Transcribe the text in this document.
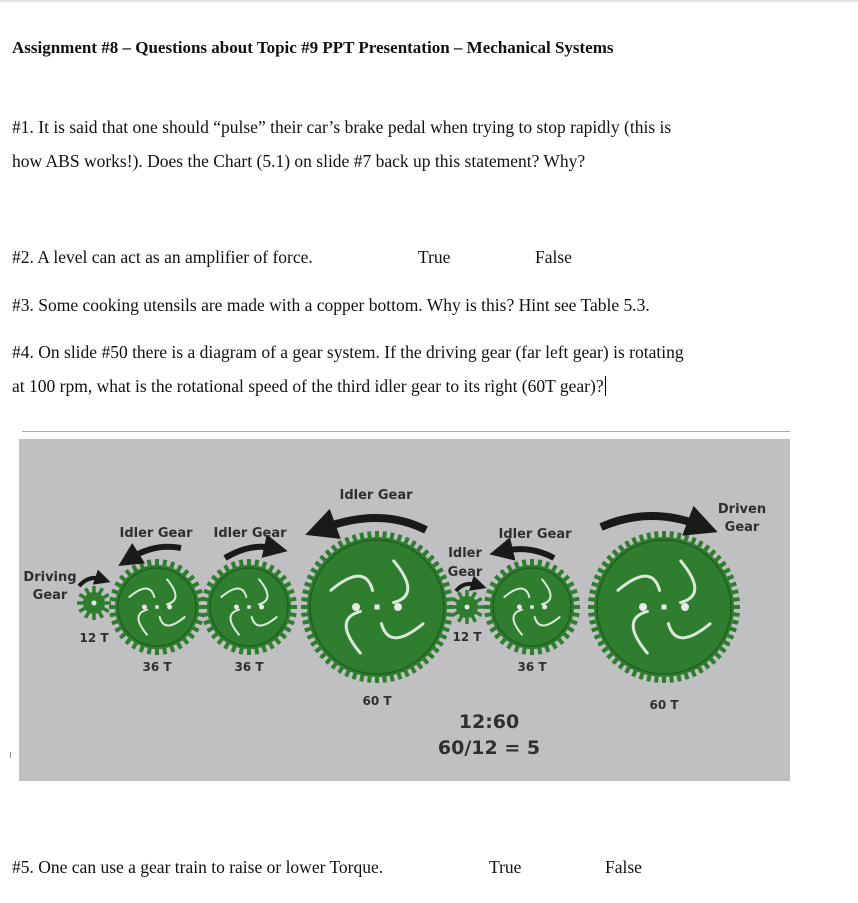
Assignment #8 – Questions about Topic #9 PPT Presentation – Mechanical Systems
#1. It is said that one should “pulse” their car’s brake pedal when trying to stop rapidly (this is
how ABS works!). Does the Chart (5.1) on slide #7 back up this statement? Why?
#2. A level can act as an amplifier of force.	True	False
#3. Some cooking utensils are made with a copper bottom. Why is this? Hint see Table 5.3.
#4. On slide #50 there is a diagram of a gear system. If the driving gear (far left gear) is rotating
at 100 rpm, what is the rotational speed of the third idler gear to its right (60T gear)?
Idler Gear
Driven
Gear
Idler Gear Idler Gear	Idler Gear
Idler
Gear
Driving
Gear
12 T
36 T	36 T
60 T
12 T
36 T
60 T
12:60
60/12 = 5
#5. One can use a gear train to raise or lower Torque.	True	False
